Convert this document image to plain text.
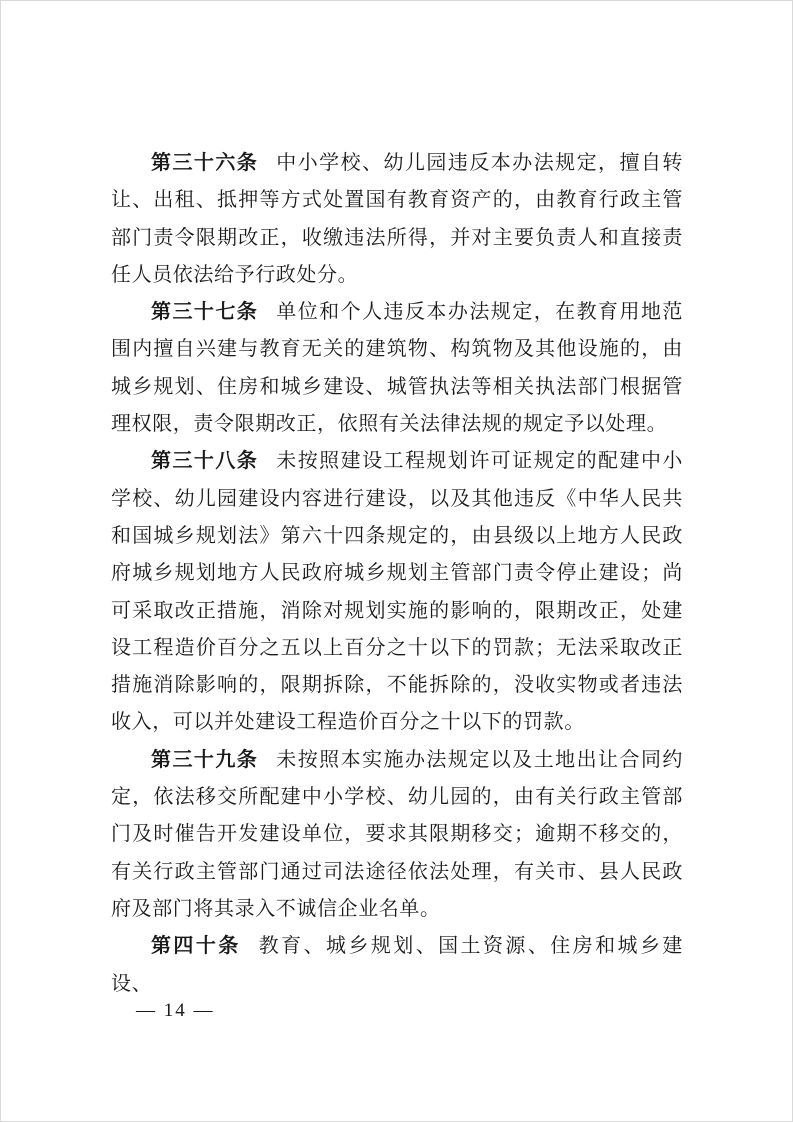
第三十六条 中小学校、幼儿园违反本办法规定，擅自转让、出租、抵押等方式处置国有教育资产的，由教育行政主管部门责令限期改正，收缴违法所得，并对主要负责人和直接责任人员依法给予行政处分。

第三十七条 单位和个人违反本办法规定，在教育用地范围内擅自兴建与教育无关的建筑物、构筑物及其他设施的，由城乡规划、住房和城乡建设、城管执法等相关执法部门根据管理权限，责令限期改正，依照有关法律法规的规定予以处理。

第三十八条 未按照建设工程规划许可证规定的配建中小学校、幼儿园建设内容进行建设，以及其他违反《中华人民共和国城乡规划法》第六十四条规定的，由县级以上地方人民政府城乡规划地方人民政府城乡规划主管部门责令停止建设；尚可采取改正措施，消除对规划实施的影响的，限期改正，处建设工程造价百分之五以上百分之十以下的罚款；无法采取改正措施消除影响的，限期拆除，不能拆除的，没收实物或者违法收入，可以并处建设工程造价百分之十以下的罚款。

第三十九条 未按照本实施办法规定以及土地出让合同约定，依法移交所配建中小学校、幼儿园的，由有关行政主管部门及时催告开发建设单位，要求其限期移交；逾期不移交的，有关行政主管部门通过司法途径依法处理，有关市、县人民政府及部门将其录入不诚信企业名单。

第四十条 教育、城乡规划、国土资源、住房和城乡建设、

— 14 —
